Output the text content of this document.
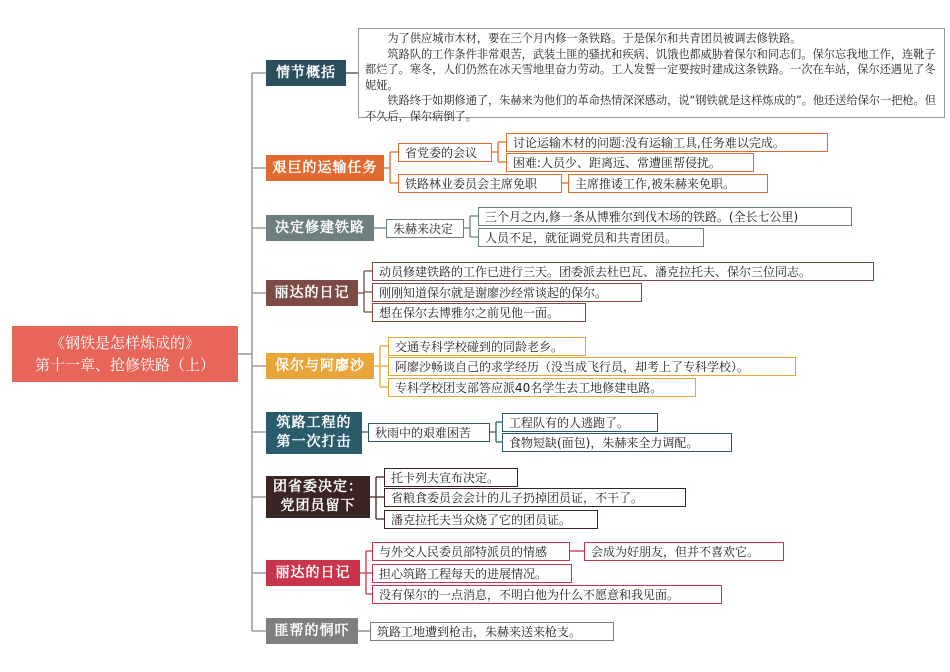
《钢铁是怎样炼成的》
第十一章、抢修铁路（上）
情节概括

为了供应城市木材，要在三个月内修一条铁路。于是保尔和共青团员被调去修铁路。

筑路队的工作条件非常艰苦，武装土匪的骚扰和疾病、饥饿也都威胁着保尔和同志们。保尔忘我地工作，连靴子都烂了。寒冬，人们仍然在冰天雪地里奋力劳动。工人发誓一定要按时建成这条铁路。一次在车站，保尔还遇见了冬妮娅。

铁路终于如期修通了，朱赫来为他们的革命热情深深感动，说“钢铁就是这样炼成的”。他还送给保尔一把枪。但不久后，保尔病倒了。

艰巨的运输任务
省党委的会议
讨论运输木材的问题:没有运输工具,任务难以完成。
困难:人员少、距离远、常遭匪帮侵扰。
铁路林业委员会主席免职	主席推诿工作,被朱赫来免职。
决定修建铁路	朱赫来决定
三个月之内,修一条从博雅尔到伐木场的铁路。(全长七公里)
人员不足，就征调党员和共青团员。
丽达的日记
动员修建铁路的工作已进行三天。团委派去杜巴瓦、潘克拉托夫、保尔三位同志。
刚刚知道保尔就是谢廖沙经常谈起的保尔。
想在保尔去博雅尔之前见他一面。
保尔与阿廖沙
交通专科学校碰到的同龄老乡。
阿廖沙畅谈自己的求学经历（没当成飞行员，却考上了专科学校）。
专科学校团支部答应派40名学生去工地修建电路。
筑路工程的
第一次打击
秋雨中的艰难困苦
工程队有的人逃跑了。
食物短缺(面包)，朱赫来全力调配。
团省委决定：
党团员留下
托卡列夫宣布决定。
省粮食委员会会计的儿子扔掉团员证，不干了。
潘克拉托夫当众烧了它的团员证。
丽达的日记
与外交人民委员部特派员的情感	会成为好朋友，但并不喜欢它。
担心筑路工程每天的进展情况。
没有保尔的一点消息，不明白他为什么不愿意和我见面。
匪帮的恫吓	筑路工地遭到枪击，朱赫来送来枪支。
